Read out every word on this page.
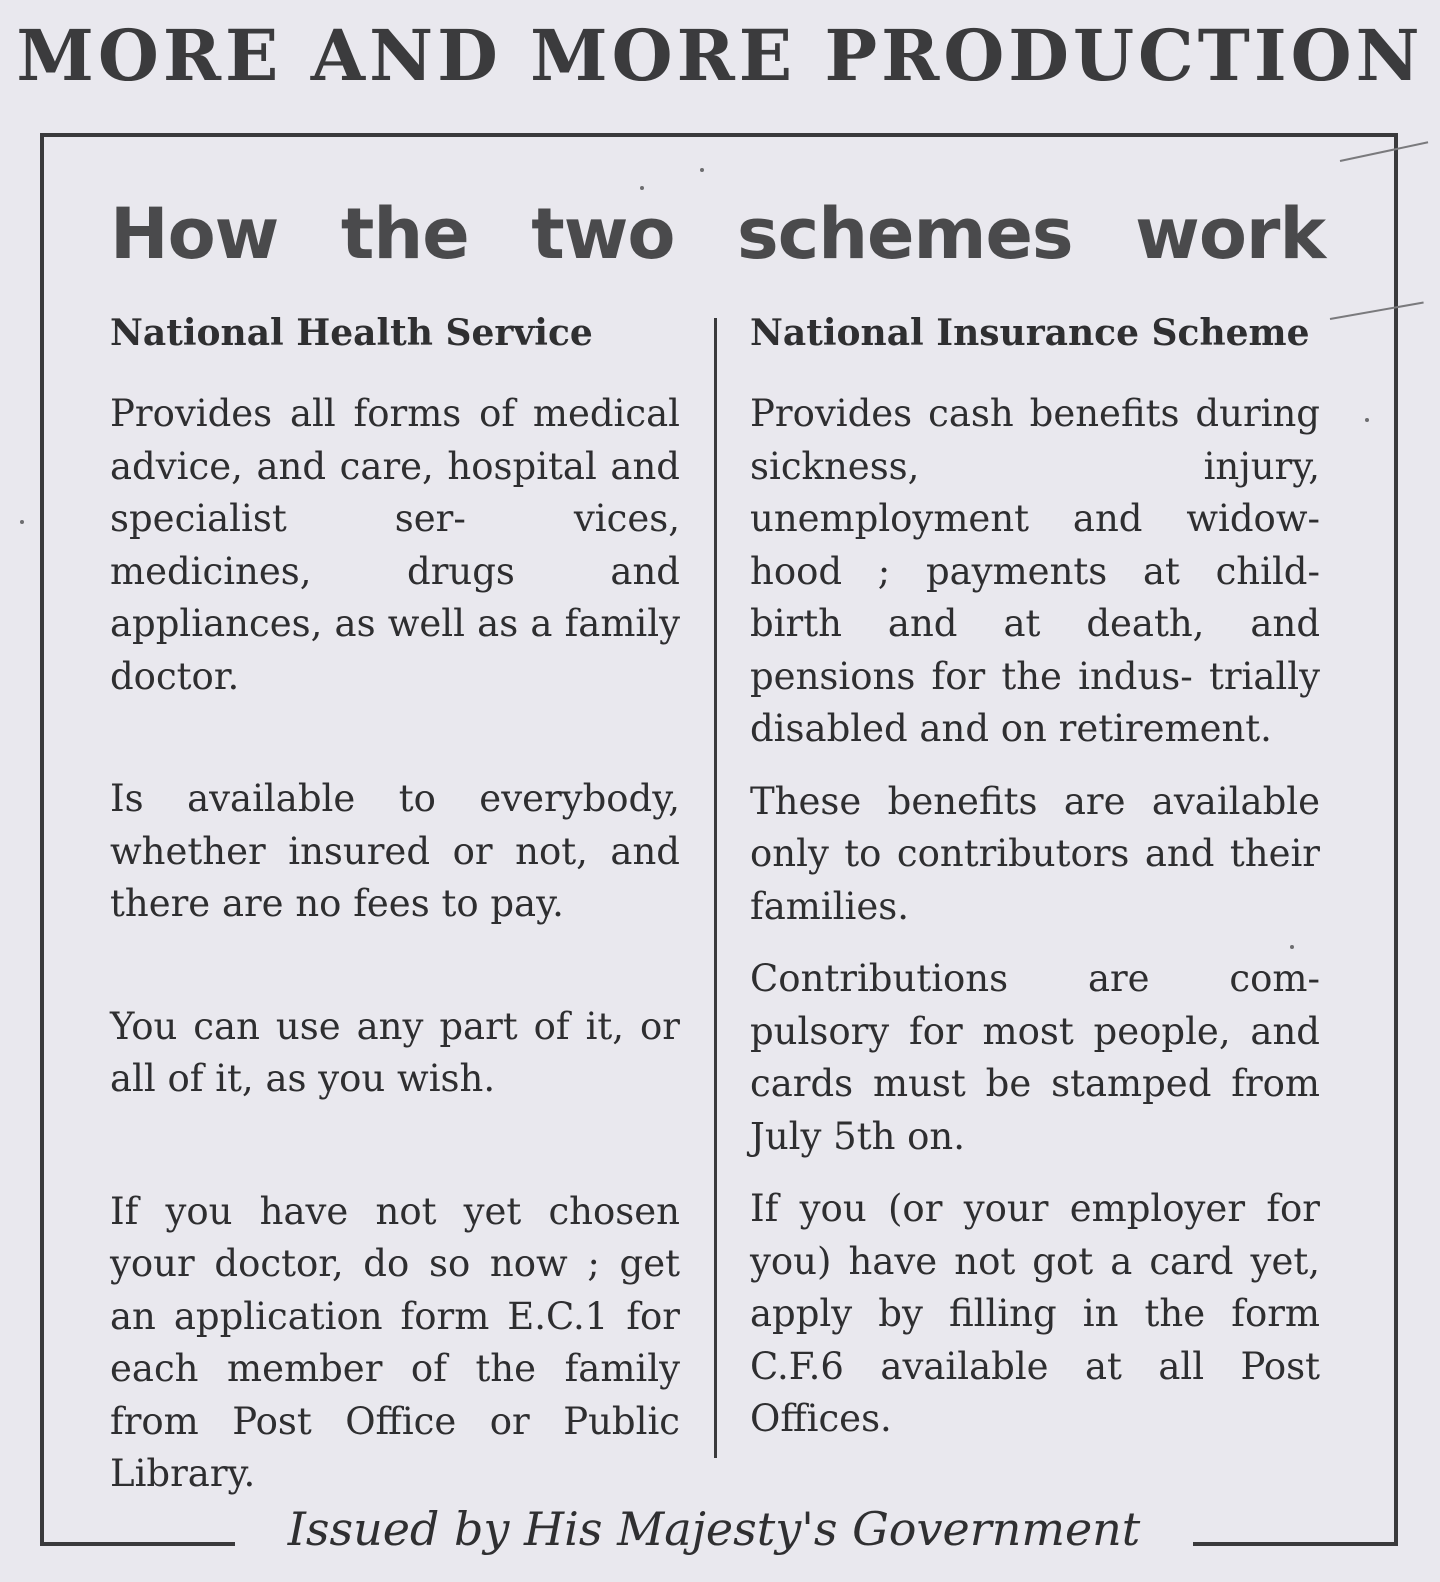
MORE AND MORE PRODUCTION
How the two schemes work

National Health Service

Provides all forms of medical advice, and care, hospital and specialist ser- vices, medicines, drugs and appliances, as well as a family doctor.

Is available to everybody, whether insured or not, and there are no fees to pay.

You can use any part of it, or all of it, as you wish.

If you have not yet chosen your doctor, do so now ; get an application form E.C.1 for each member of the family from Post Office or Public Library.

National Insurance Scheme

Provides cash benefits during sickness, injury, unemployment and widow- hood ; payments at child- birth and at death, and pensions for the indus- trially disabled and on retirement.

These benefits are available only to contributors and their families.

Contributions are com- pulsory for most people, and cards must be stamped from July 5th on.

If you (or your employer for you) have not got a card yet, apply by filling in the form C.F.6 available at all Post Offices.

Issued by His Majesty's Government
